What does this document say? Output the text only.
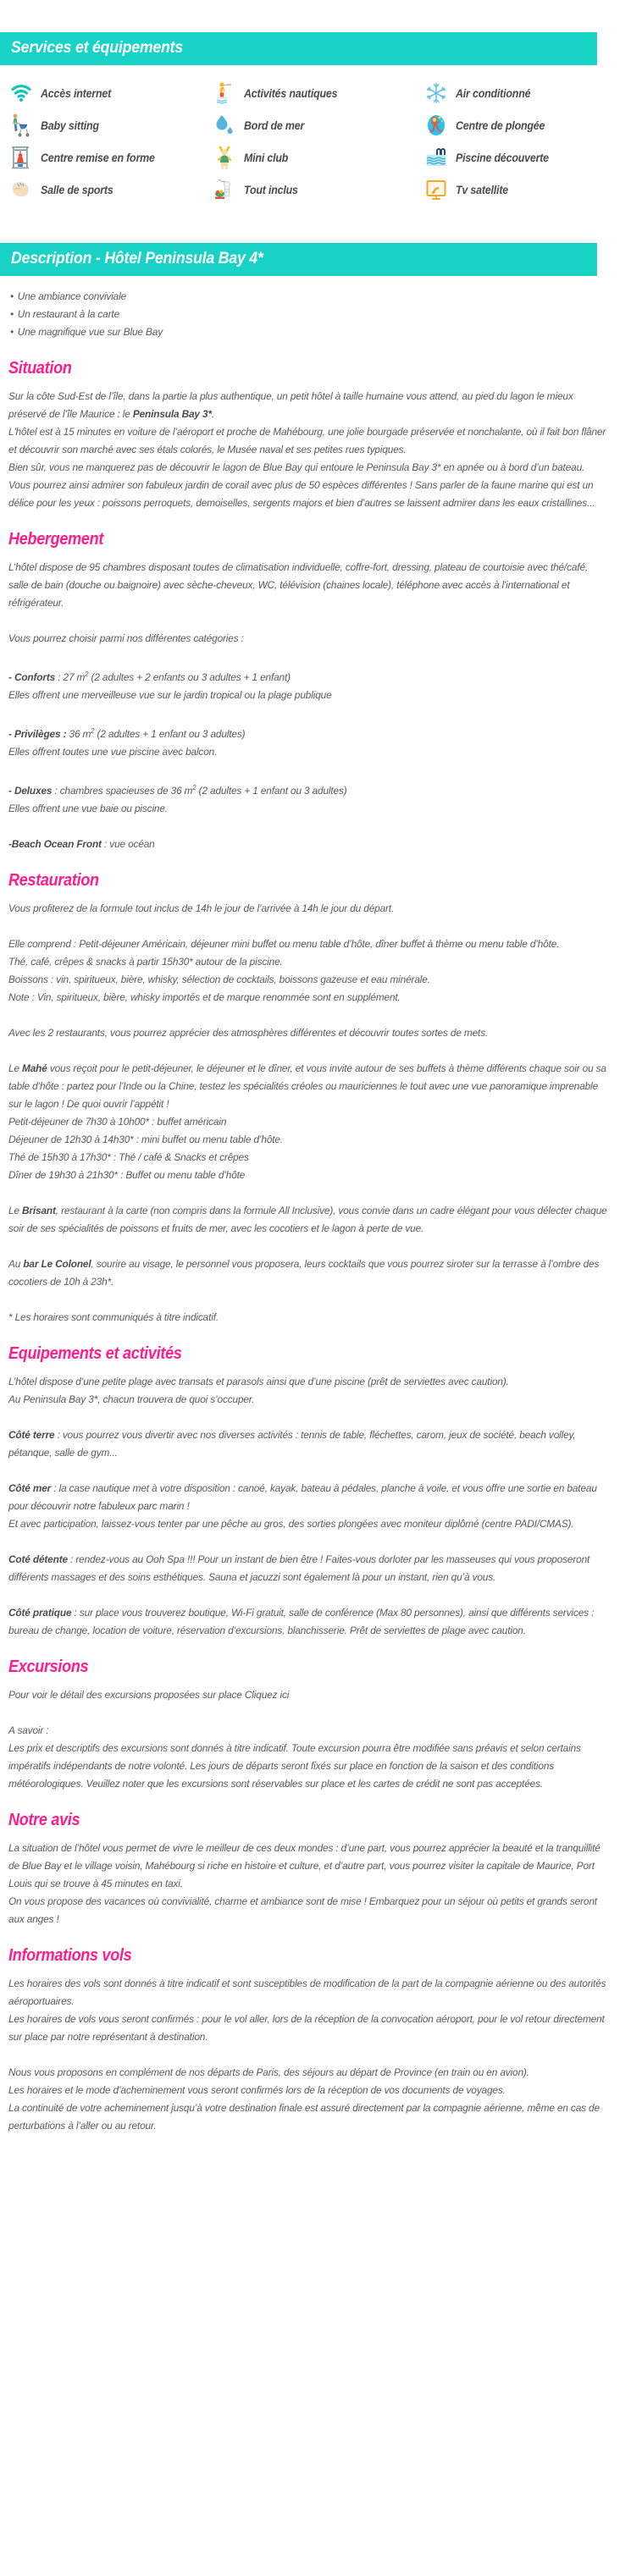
Services et équipements
Accès internet	Activités nautiques	Air conditionné
Baby sitting	Bord de mer	Centre de plongée
Centre remise en forme	Mini club	Piscine découverte
Salle de sports	Tout inclus	Tv satellite
Description - Hôtel Peninsula Bay 4*
• Une ambiance conviviale
• Un restaurant à la carte
• Une magnifique vue sur Blue Bay
Situation

Sur la côte Sud-Est de l’île, dans la partie la plus authentique, un petit hôtel à taille humaine vous attend, au pied du lagon le mieux préservé de l’île Maurice : le Peninsula Bay 3*.

L'hôtel est à 15 minutes en voiture de l’aéroport et proche de Mahébourg, une jolie bourgade préservée et nonchalante, où il fait bon flâner et découvrir son marché avec ses étals colorés, le Musée naval et ses petites rues typiques.

Bien sûr, vous ne manquerez pas de découvrir le lagon de Blue Bay qui entoure le Peninsula Bay 3* en apnée ou à bord d’un bateau. Vous pourrez ainsi admirer son fabuleux jardin de corail avec plus de 50 espèces différentes ! Sans parler de la faune marine qui est un délice pour les yeux : poissons perroquets, demoiselles, sergents majors et bien d’autres se laissent admirer dans les eaux cristallines...

Hebergement

L’hôtel dispose de 95 chambres disposant toutes de climatisation individuelle, coffre-fort, dressing, plateau de courtoisie avec thé/café, salle de bain (douche ou baignoire) avec sèche-cheveux, WC, télévision (chaines locale), téléphone avec accès à l'international et réfrigérateur.

Vous pourrez choisir parmi nos différentes catégories :

- Conforts : 27 $m^2$ (2 adultes + 2 enfants ou 3 adultes + 1 enfant)

Elles offrent une merveilleuse vue sur le jardin tropical ou la plage publique

- Privilèges : 36 $m^2$ (2 adultes + 1 enfant ou 3 adultes)

Elles offrent toutes une vue piscine avec balcon.

- Deluxes : chambres spacieuses de 36 $m^2$ (2 adultes + 1 enfant ou 3 adultes)

Elles offrent une vue baie ou piscine.

-Beach Ocean Front : vue océan

Restauration

Vous profiterez de la formule tout inclus de 14h le jour de l’arrivée à 14h le jour du départ.

Elle comprend : Petit-déjeuner Américain, déjeuner mini buffet ou menu table d’hôte, dîner buffet à thème ou menu table d’hôte.

Thé, café, crêpes & snacks à partir 15h30* autour de la piscine.

Boissons : vin, spiritueux, bière, whisky, sélection de cocktails, boissons gazeuse et eau minérale.

Note : Vin, spiritueux, bière, whisky importés et de marque renommée sont en supplément.

Avec les 2 restaurants, vous pourrez apprécier des atmosphères différentes et découvrir toutes sortes de mets.

Le Mahé vous reçoit pour le petit-déjeuner, le déjeuner et le dîner, et vous invite autour de ses buffets à thème différents chaque soir ou sa table d’hôte : partez pour l’Inde ou la Chine, testez les spécialités créoles ou mauriciennes le tout avec une vue panoramique imprenable sur le lagon ! De quoi ouvrir l’appétit !

Petit-déjeuner de 7h30 à 10h00* : buffet américain

Déjeuner de 12h30 à 14h30* : mini buffet ou menu table d’hôte.

Thé de 15h30 à 17h30* : Thé / café & Snacks et crêpes

Dîner de 19h30 à 21h30* : Buffet ou menu table d’hôte

Le Brisant, restaurant à la carte (non compris dans la formule All Inclusive), vous convie dans un cadre élégant pour vous délecter chaque soir de ses spécialités de poissons et fruits de mer, avec les cocotiers et le lagon à perte de vue.

Au bar Le Colonel, sourire au visage, le personnel vous proposera, leurs cocktails que vous pourrez siroter sur la terrasse à l’ombre des cocotiers de 10h à 23h*.

* Les horaires sont communiqués à titre indicatif.

Equipements et activités

L’hôtel dispose d’une petite plage avec transats et parasols ainsi que d’une piscine (prêt de serviettes avec caution).

Au Peninsula Bay 3*, chacun trouvera de quoi s’occuper.

Côté terre : vous pourrez vous divertir avec nos diverses activités : tennis de table, fléchettes, carom, jeux de société, beach volley, pétanque, salle de gym...

Côté mer : la case nautique met à votre disposition : canoé, kayak, bateau à pédales, planche à voile, et vous offre une sortie en bateau pour découvrir notre fabuleux parc marin !

Et avec participation, laissez-vous tenter par une pêche au gros, des sorties plongées avec moniteur diplômé (centre PADI/CMAS).

Coté détente : rendez-vous au Ooh Spa !!! Pour un instant de bien être ! Faites-vous dorloter par les masseuses qui vous proposeront différents massages et des soins esthétiques. Sauna et jacuzzi sont également là pour un instant, rien qu’à vous.

Côté pratique : sur place vous trouverez boutique, Wi-Fi gratuit, salle de conférence (Max 80 personnes), ainsi que différents services : bureau de change, location de voiture, réservation d’excursions, blanchisserie. Prêt de serviettes de plage avec caution.

Excursions

Pour voir le détail des excursions proposées sur place Cliquez ici

A savoir :

Les prix et descriptifs des excursions sont donnés à titre indicatif. Toute excursion pourra être modifiée sans préavis et selon certains impératifs indépendants de notre volonté. Les jours de départs seront fixés sur place en fonction de la saison et des conditions météorologiques. Veuillez noter que les excursions sont réservables sur place et les cartes de crédit ne sont pas acceptées.

Notre avis

La situation de l’hôtel vous permet de vivre le meilleur de ces deux mondes : d’une part, vous pourrez apprécier la beauté et la tranquillité de Blue Bay et le village voisin, Mahébourg si riche en histoire et culture, et d’autre part, vous pourrez visiter la capitale de Maurice, Port Louis qui se trouve à 45 minutes en taxi.

On vous propose des vacances où convivialité, charme et ambiance sont de mise ! Embarquez pour un séjour où petits et grands seront aux anges !

Informations vols

Les horaires des vols sont donnés à titre indicatif et sont susceptibles de modification de la part de la compagnie aérienne ou des autorités aéroportuaires.

Les horaires de vols vous seront confirmés : pour le vol aller, lors de la réception de la convocation aéroport, pour le vol retour directement sur place par notre représentant à destination.

Nous vous proposons en complément de nos départs de Paris, des séjours au départ de Province (en train ou en avion).

Les horaires et le mode d’acheminement vous seront confirmés lors de la réception de vos documents de voyages.

La continuité de votre acheminement jusqu’à votre destination finale est assuré directement par la compagnie aérienne, même en cas de perturbations à l’aller ou au retour.
